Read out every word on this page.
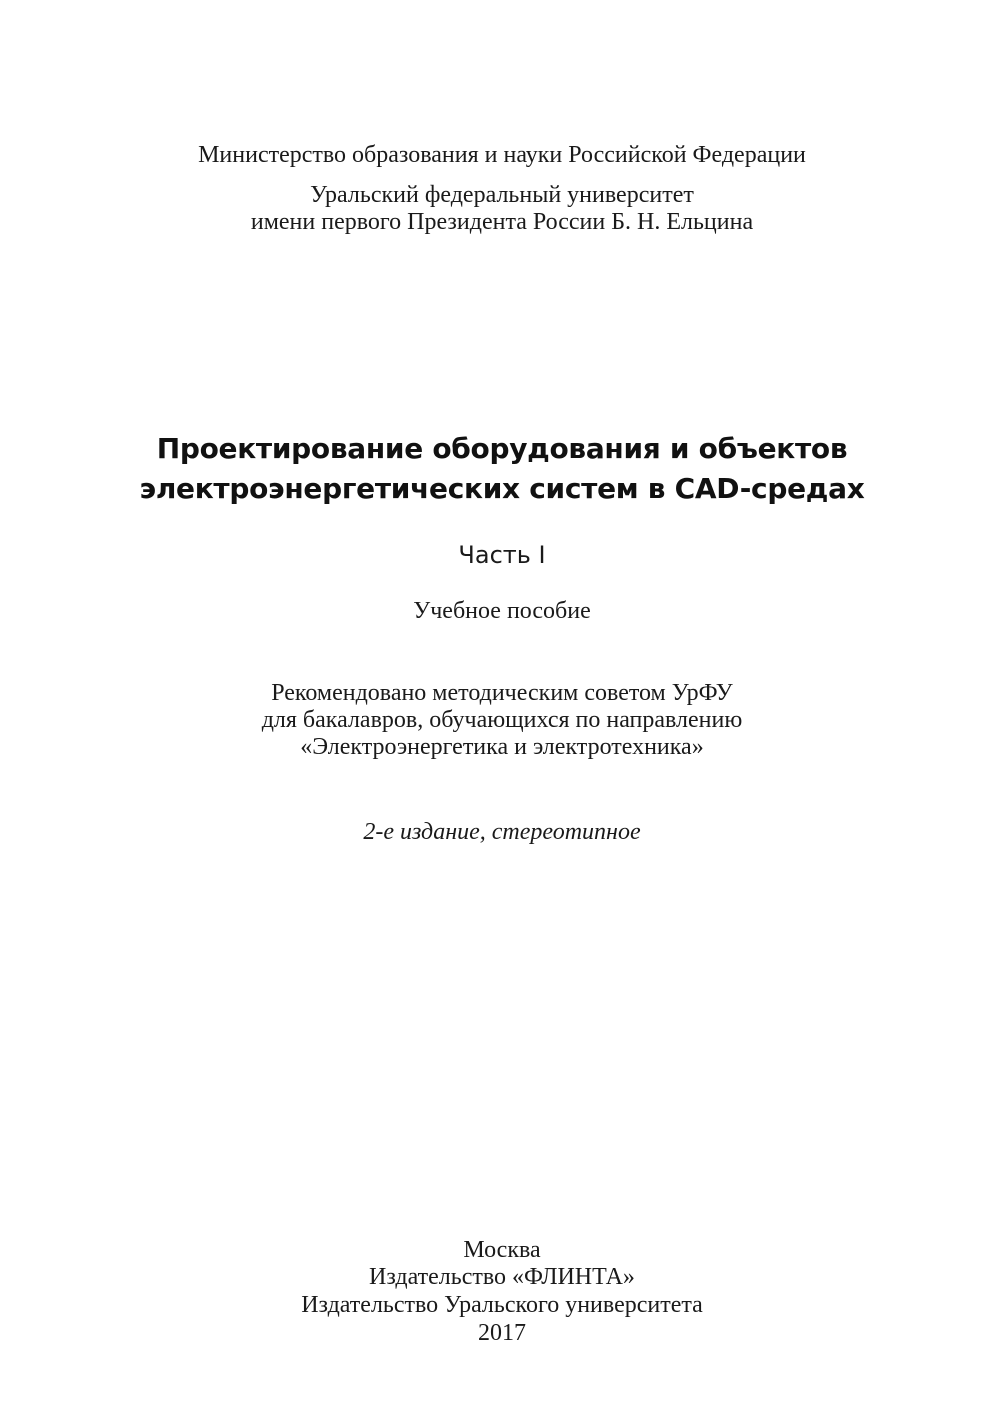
Министерство образования и науки Российской Федерации
Уральский федеральный университет
имени первого Президента России Б. Н. Ельцина
Проектирование оборудования и объектов
электроэнергетических систем в CAD-средах
Часть I
Учебное пособие
Рекомендовано методическим советом УрФУ
для бакалавров, обучающихся по направлению
«Электроэнергетика и электротехника»
2-е издание, стереотипное
Москва
Издательство «ФЛИНТА»
Издательство Уральского университета
2017
